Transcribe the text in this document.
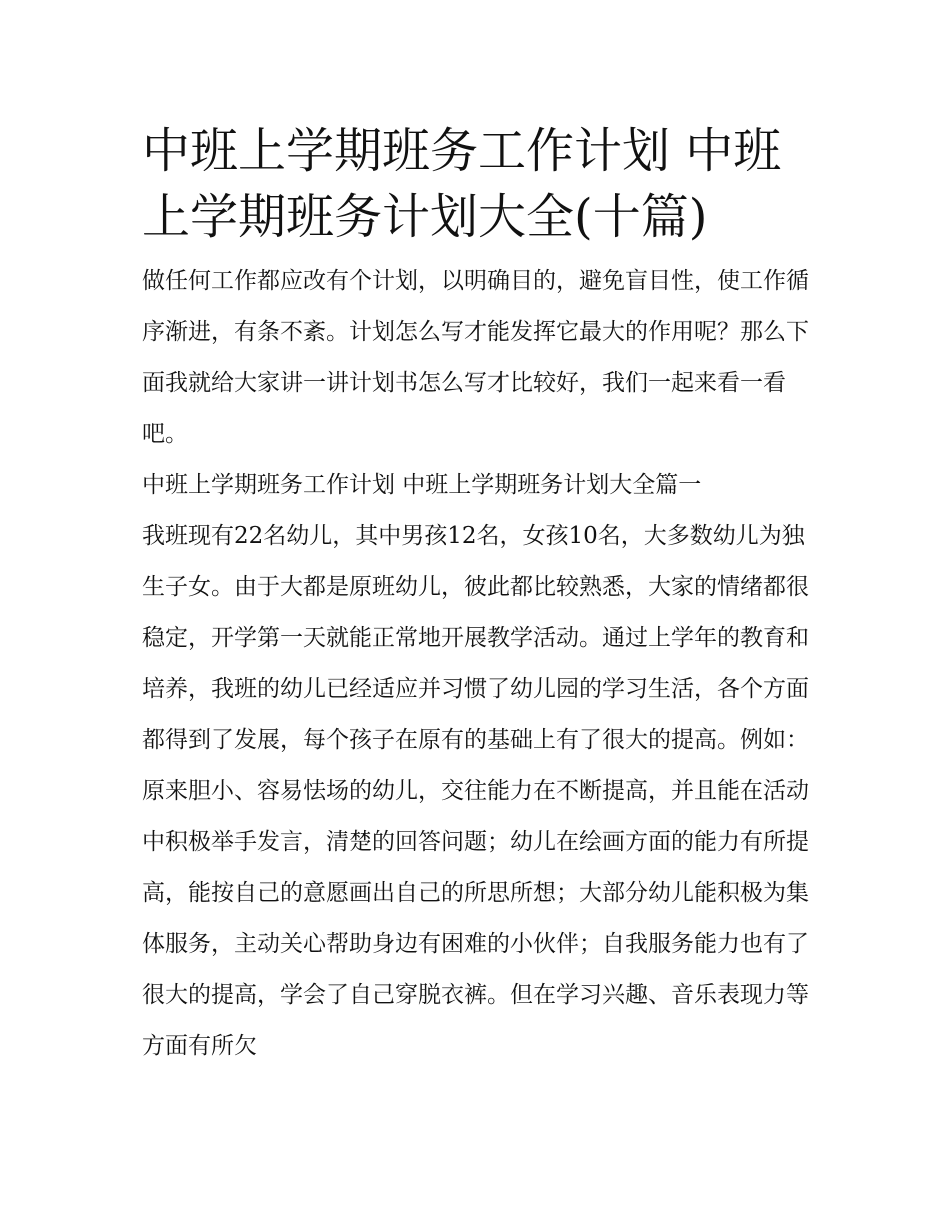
中班上学期班务工作计划 中班上学期班务计划大全(十篇)

做任何工作都应改有个计划，以明确目的，避免盲目性，使工作循序渐进，有条不紊。计划怎么写才能发挥它最大的作用呢？那么下面我就给大家讲一讲计划书怎么写才比较好，我们一起来看一看吧。

中班上学期班务工作计划 中班上学期班务计划大全篇一

我班现有22名幼儿，其中男孩12名，女孩10名，大多数幼儿为独生子女。由于大都是原班幼儿，彼此都比较熟悉，大家的情绪都很稳定，开学第一天就能正常地开展教学活动。通过上学年的教育和培养，我班的幼儿已经适应并习惯了幼儿园的学习生活，各个方面都得到了发展，每个孩子在原有的基础上有了很大的提高。例如：原来胆小、容易怯场的幼儿，交往能力在不断提高，并且能在活动中积极举手发言，清楚的回答问题；幼儿在绘画方面的能力有所提高，能按自己的意愿画出自己的所思所想；大部分幼儿能积极为集体服务，主动关心帮助身边有困难的小伙伴；自我服务能力也有了很大的提高，学会了自己穿脱衣裤。但在学习兴趣、音乐表现力等方面有所欠
